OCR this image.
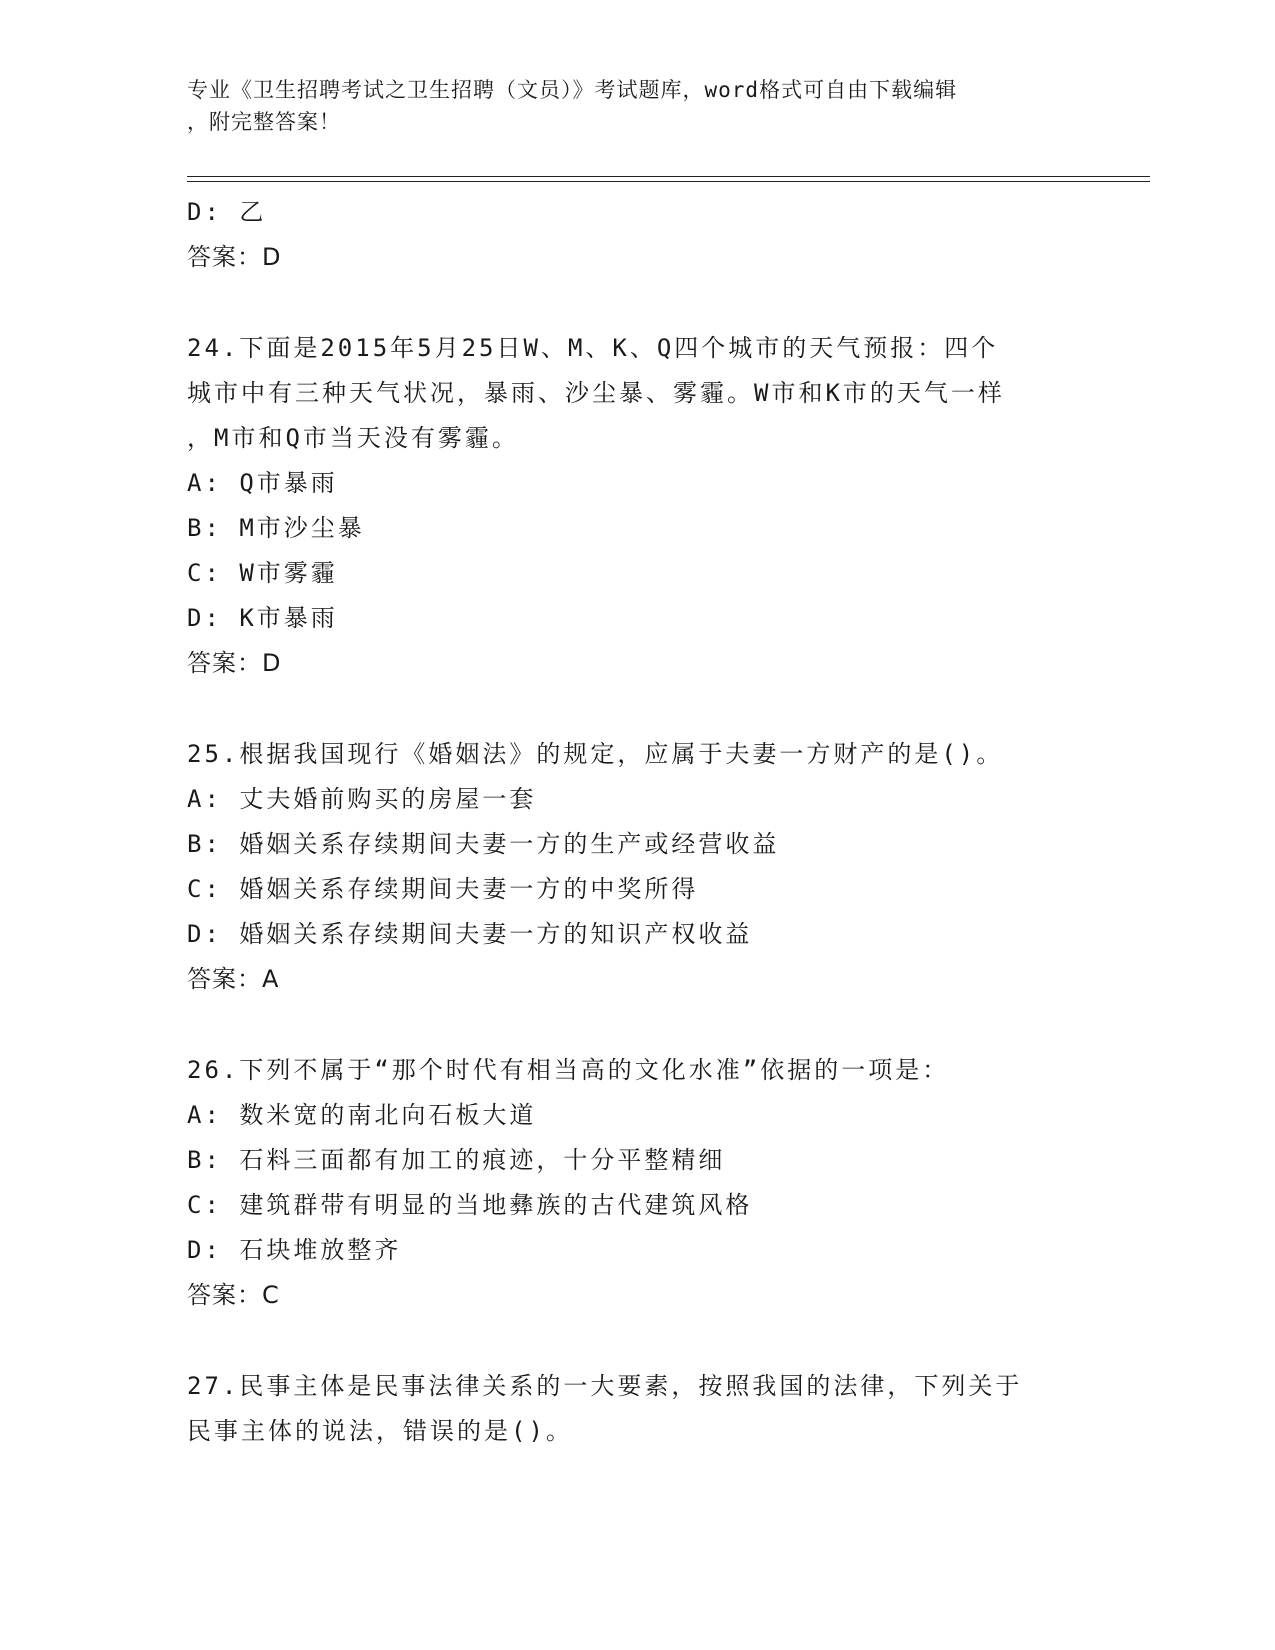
专业《卫生招聘考试之卫生招聘（文员）》考试题库，word格式可自由下载编辑
，附完整答案！
D: 乙
答案：D
24.下面是2015年5月25日W、M、K、Q四个城市的天气预报：四个
城市中有三种天气状况，暴雨、沙尘暴、雾霾。W市和K市的天气一样
，M市和Q市当天没有雾霾。
A: Q市暴雨
B: M市沙尘暴
C: W市雾霾
D: K市暴雨
答案：D
25.根据我国现行《婚姻法》的规定，应属于夫妻一方财产的是()。
A: 丈夫婚前购买的房屋一套
B: 婚姻关系存续期间夫妻一方的生产或经营收益
C: 婚姻关系存续期间夫妻一方的中奖所得
D: 婚姻关系存续期间夫妻一方的知识产权收益
答案：A
26.下列不属于“那个时代有相当高的文化水准”依据的一项是：
A: 数米宽的南北向石板大道
B: 石料三面都有加工的痕迹，十分平整精细
C: 建筑群带有明显的当地彝族的古代建筑风格
D: 石块堆放整齐
答案：C
27.民事主体是民事法律关系的一大要素，按照我国的法律，下列关于
民事主体的说法，错误的是()。
